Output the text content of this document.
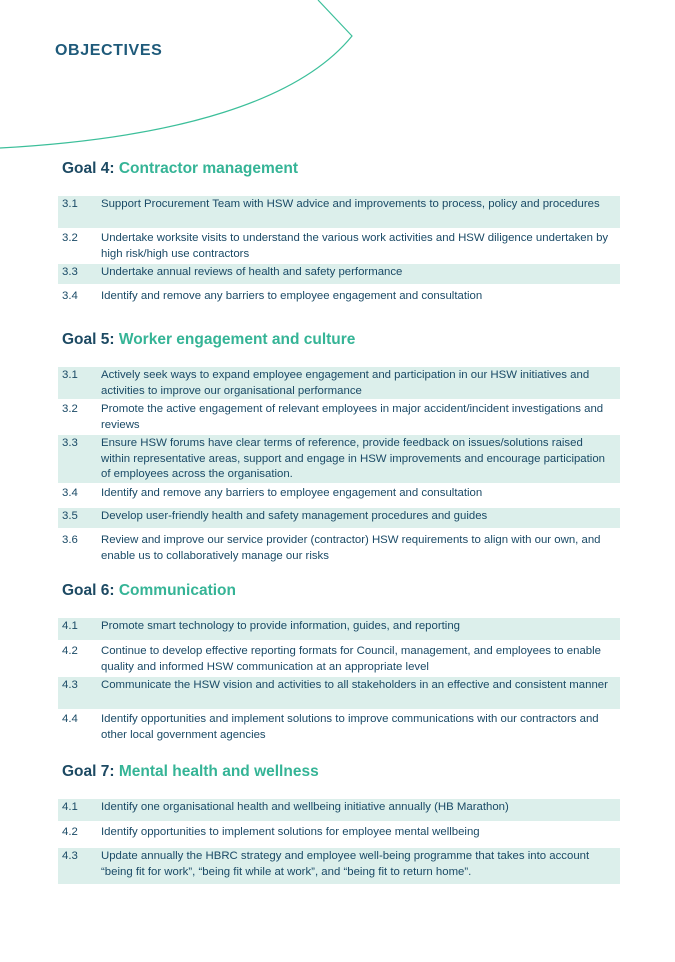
OBJECTIVES
Goal 4: Contractor management
3.1	Support Procurement Team with HSW advice and improvements to process, policy and procedures
3.2	Undertake worksite visits to understand the various work activities and HSW diligence undertaken by high risk/high use contractors
3.3	Undertake annual reviews of health and safety performance
3.4	Identify and remove any barriers to employee engagement and consultation
Goal 5: Worker engagement and culture
3.1	Actively seek ways to expand employee engagement and participation in our HSW initiatives and activities to improve our organisational performance
3.2	Promote the active engagement of relevant employees in major accident/incident investigations and reviews
3.3	Ensure HSW forums have clear terms of reference, provide feedback on issues/solutions raised within representative areas, support and engage in HSW improvements and encourage participation of employees across the organisation.
3.4	Identify and remove any barriers to employee engagement and consultation
3.5	Develop user-friendly health and safety management procedures and guides
3.6	Review and improve our service provider (contractor) HSW requirements to align with our own, and enable us to collaboratively manage our risks
Goal 6: Communication
4.1	Promote smart technology to provide information, guides, and reporting
4.2	Continue to develop effective reporting formats for Council, management, and employees to enable quality and informed HSW communication at an appropriate level
4.3	Communicate the HSW vision and activities to all stakeholders in an effective and consistent manner
4.4	Identify opportunities and implement solutions to improve communications with our contractors and other local government agencies
Goal 7: Mental health and wellness
4.1	Identify one organisational health and wellbeing initiative annually (HB Marathon)
4.2	Identify opportunities to implement solutions for employee mental wellbeing
4.3	Update annually the HBRC strategy and employee well-being programme that takes into account “being fit for work”, “being fit while at work”, and “being fit to return home”.
